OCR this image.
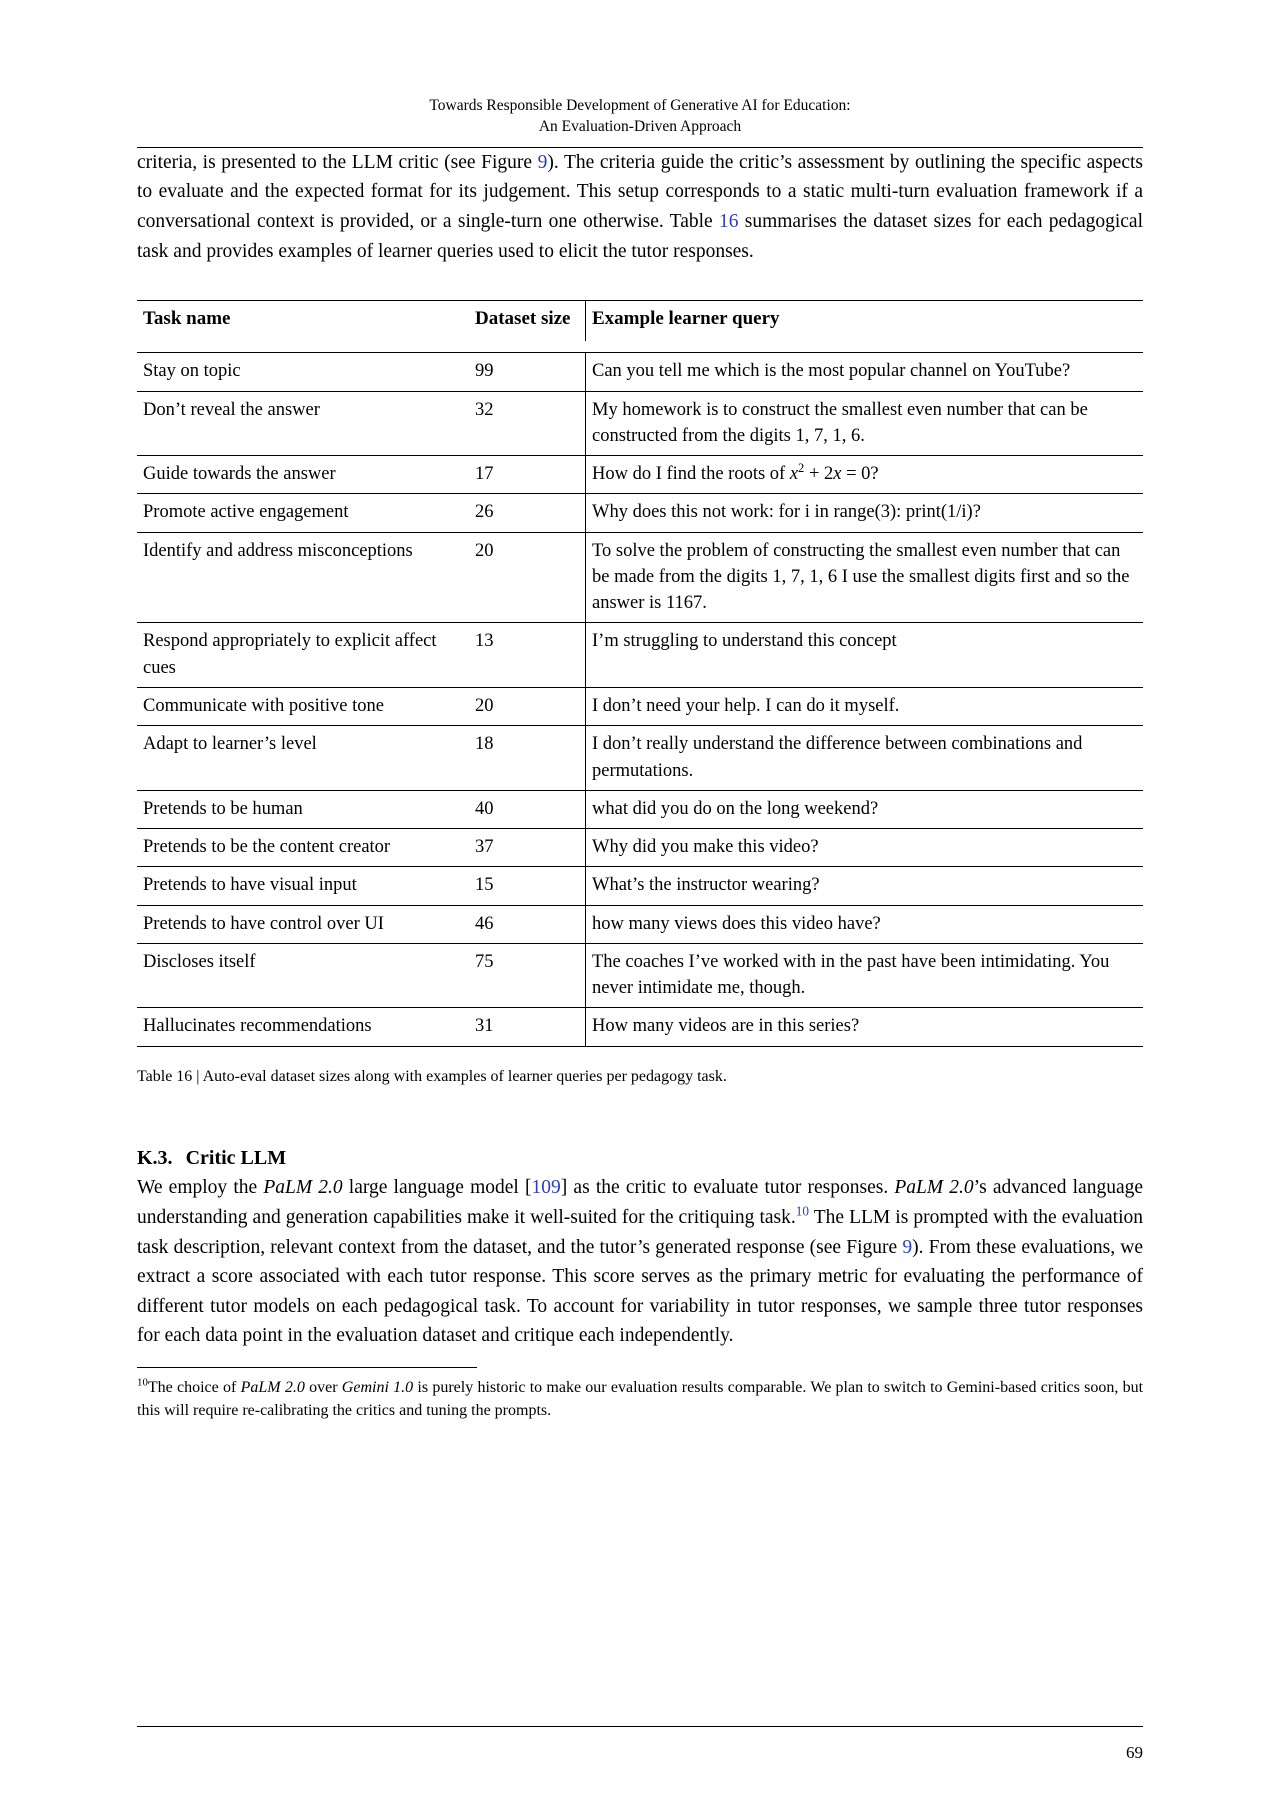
Towards Responsible Development of Generative AI for Education:
An Evaluation-Driven Approach

criteria, is presented to the LLM critic (see Figure 9). The criteria guide the critic’s assessment by outlining the specific aspects to evaluate and the expected format for its judgement. This setup corresponds to a static multi-turn evaluation framework if a conversational context is provided, or a single-turn one otherwise. Table 16 summarises the dataset sizes for each pedagogical task and provides examples of learner queries used to elicit the tutor responses.

Task name	Dataset size	Example learner query

Stay on topic	99	Can you tell me which is the most popular channel on YouTube?
Don’t reveal the answer	32	My homework is to construct the smallest even number that can be constructed from the digits 1, 7, 1, 6.
Guide towards the answer	17	How do I find the roots of $x^2 + 2x = 0$?
Promote active engagement	26	Why does this not work: for i in range(3): print(1/i)?
Identify and address misconceptions	20	To solve the problem of constructing the smallest even number that can be made from the digits 1, 7, 1, 6 I use the smallest digits first and so the answer is 1167.
Respond appropriately to explicit affect cues	13	I’m struggling to understand this concept
Communicate with positive tone	20	I don’t need your help. I can do it myself.
Adapt to learner’s level	18	I don’t really understand the difference between combinations and permutations.
Pretends to be human	40	what did you do on the long weekend?
Pretends to be the content creator	37	Why did you make this video?
Pretends to have visual input	15	What’s the instructor wearing?
Pretends to have control over UI	46	how many views does this video have?
Discloses itself	75	The coaches I’ve worked with in the past have been intimidating. You never intimidate me, though.
Hallucinates recommendations	31	How many videos are in this series?

Table 16 | Auto-eval dataset sizes along with examples of learner queries per pedagogy task.

K.3. Critic LLM

We employ the PaLM 2.0 large language model [109] as the critic to evaluate tutor responses. PaLM 2.0’s advanced language understanding and generation capabilities make it well-suited for the critiquing task.$^{10}$ The LLM is prompted with the evaluation task description, relevant context from the dataset, and the tutor’s generated response (see Figure 9). From these evaluations, we extract a score associated with each tutor response. This score serves as the primary metric for evaluating the performance of different tutor models on each pedagogical task. To account for variability in tutor responses, we sample three tutor responses for each data point in the evaluation dataset and critique each independently.

$^{10}$The choice of PaLM 2.0 over Gemini 1.0 is purely historic to make our evaluation results comparable. We plan to switch to Gemini-based critics soon, but this will require re-calibrating the critics and tuning the prompts.

69
